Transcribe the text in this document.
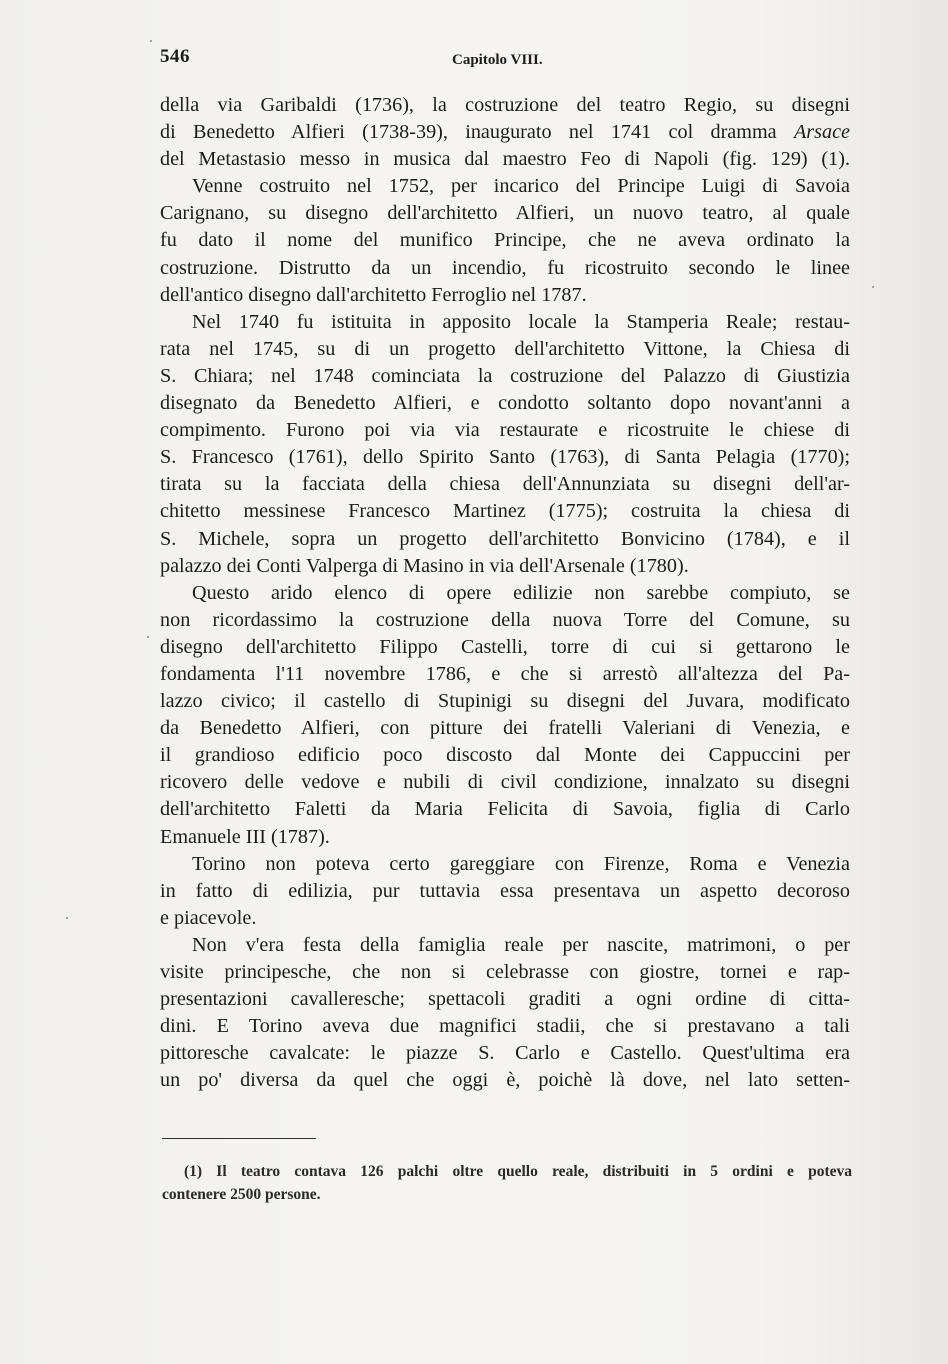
546	Capitolo VIII.

della via Garibaldi (1736), la costruzione del teatro Regio, su disegni
di Benedetto Alfieri (1738-39), inaugurato nel 1741 col dramma Arsace
del Metastasio messo in musica dal maestro Feo di Napoli (fig. 129) (1).

Venne costruito nel 1752, per incarico del Principe Luigi di Savoia
Carignano, su disegno dell'architetto Alfieri, un nuovo teatro, al quale
fu dato il nome del munifico Principe, che ne aveva ordinato la
costruzione. Distrutto da un incendio, fu ricostruito secondo le linee
dell'antico disegno dall'architetto Ferroglio nel 1787.

Nel 1740 fu istituita in apposito locale la Stamperia Reale; restau-
rata nel 1745, su di un progetto dell'architetto Vittone, la Chiesa di
S. Chiara; nel 1748 cominciata la costruzione del Palazzo di Giustizia
disegnato da Benedetto Alfieri, e condotto soltanto dopo novant'anni a
compimento. Furono poi via via restaurate e ricostruite le chiese di
S. Francesco (1761), dello Spirito Santo (1763), di Santa Pelagia (1770);
tirata su la facciata della chiesa dell'Annunziata su disegni dell'ar-
chitetto messinese Francesco Martinez (1775); costruita la chiesa di
S. Michele, sopra un progetto dell'architetto Bonvicino (1784), e il
palazzo dei Conti Valperga di Masino in via dell'Arsenale (1780).

Questo arido elenco di opere edilizie non sarebbe compiuto, se
non ricordassimo la costruzione della nuova Torre del Comune, su
disegno dell'architetto Filippo Castelli, torre di cui si gettarono le
fondamenta l'11 novembre 1786, e che si arrestò all'altezza del Pa-
lazzo civico; il castello di Stupinigi su disegni del Juvara, modificato
da Benedetto Alfieri, con pitture dei fratelli Valeriani di Venezia, e
il grandioso edificio poco discosto dal Monte dei Cappuccini per
ricovero delle vedove e nubili di civil condizione, innalzato su disegni
dell'architetto Faletti da Maria Felicita di Savoia, figlia di Carlo
Emanuele III (1787).

Torino non poteva certo gareggiare con Firenze, Roma e Venezia
in fatto di edilizia, pur tuttavia essa presentava un aspetto decoroso
e piacevole.

Non v'era festa della famiglia reale per nascite, matrimoni, o per
visite principesche, che non si celebrasse con giostre, tornei e rap-
presentazioni cavalleresche; spettacoli graditi a ogni ordine di citta-
dini. E Torino aveva due magnifici stadii, che si prestavano a tali
pittoresche cavalcate: le piazze S. Carlo e Castello. Quest'ultima era
un po' diversa da quel che oggi è, poichè là dove, nel lato setten-

(1) Il teatro contava 126 palchi oltre quello reale, distribuiti in 5 ordini e poteva
contenere 2500 persone.
